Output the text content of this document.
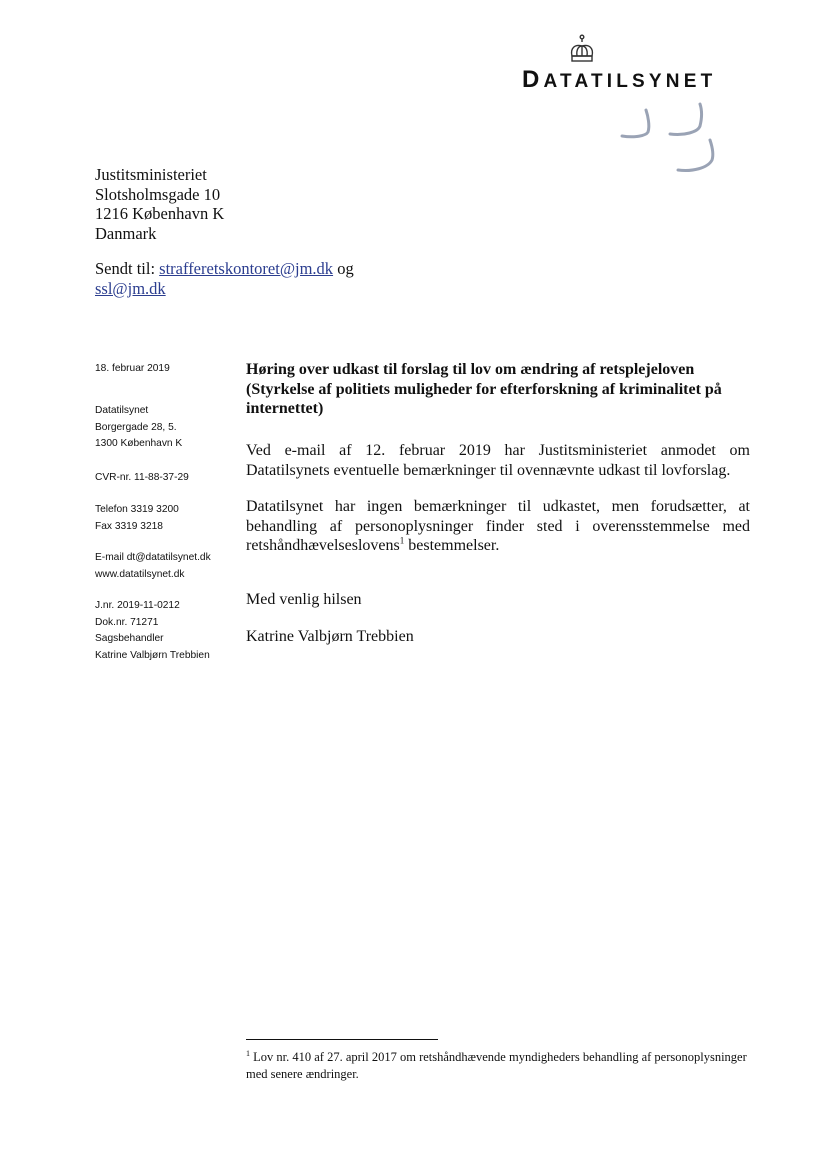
DATATILSYNET
Justitsministeriet
Slotsholmsgade 10
1216 København K
Danmark
Sendt til: strafferetskontoret@jm.dk og
ssl@jm.dk
18. februar 2019
Datatilsynet
Borgergade 28, 5.
1300 København K
CVR-nr. 11-88-37-29
Telefon 3319 3200
Fax 3319 3218
E-mail dt@datatilsynet.dk
www.datatilsynet.dk
J.nr. 2019-11-0212
Dok.nr. 71271
Sagsbehandler
Katrine Valbjørn Trebbien
Høring over udkast til forslag til lov om ændring af retsplejeloven (Styrkelse af politiets muligheder for efterforskning af kriminalitet på internettet)
Ved e-mail af 12. februar 2019 har Justitsministeriet anmodet om Datatilsynets eventuelle bemærkninger til ovennævnte udkast til lovforslag.
Datatilsynet har ingen bemærkninger til udkastet, men forudsætter, at behandling af personoplysninger finder sted i overensstemmelse med retshåndhævelseslovens$^1$ bestemmelser.
Med venlig hilsen
Katrine Valbjørn Trebbien
$^1$ Lov nr. 410 af 27. april 2017 om retshåndhævende myndigheders behandling af personoplysninger med senere ændringer.
